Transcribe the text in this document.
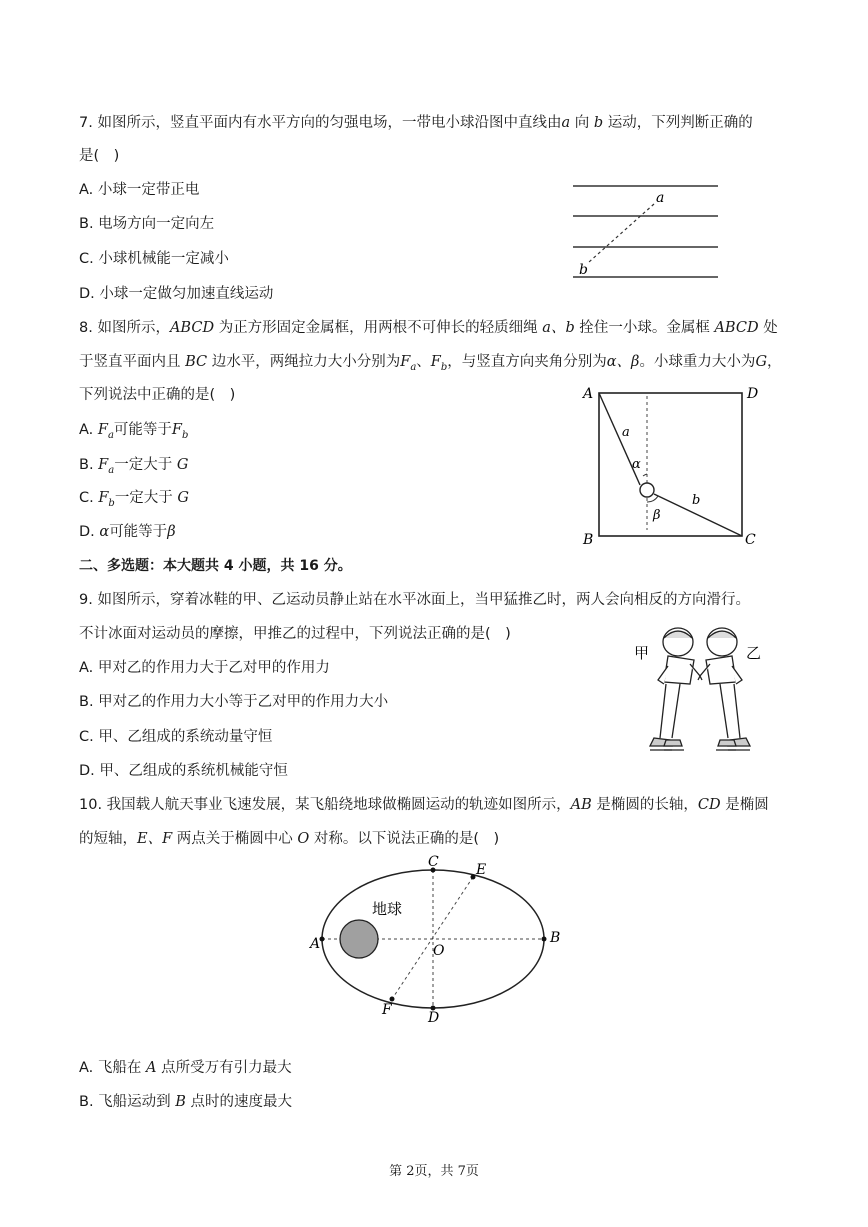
7. 如图所示，竖直平面内有水平方向的匀强电场，一带电小球沿图中直线由a 向 b 运动，下列判断正确的
是(　)
A. 小球一定带正电
B. 电场方向一定向左
C. 小球机械能一定减小
D. 小球一定做匀加速直线运动
a
b
8. 如图所示，ABCD 为正方形固定金属框，用两根不可伸长的轻质细绳 a、b 拴住一小球。金属框 ABCD 处
于竖直平面内且 BC 边水平，两绳拉力大小分别为$F_a$、$F_b$，与竖直方向夹角分别为α、β。小球重力大小为G，
下列说法中正确的是(　)
A. $F_a$可能等于$F_b$
B. $F_a$一定大于 G
C. $F_b$一定大于 G
D. α可能等于β
A	D
B	C
a
b
α
β
二、多选题：本大题共 4 小题，共 16 分。
9. 如图所示，穿着冰鞋的甲、乙运动员静止站在水平冰面上，当甲猛推乙时，两人会向相反的方向滑行。
不计冰面对运动员的摩擦，甲推乙的过程中，下列说法正确的是(　)
A. 甲对乙的作用力大于乙对甲的作用力
B. 甲对乙的作用力大小等于乙对甲的作用力大小
C. 甲、乙组成的系统动量守恒
D. 甲、乙组成的系统机械能守恒
甲	乙
10. 我国载人航天事业飞速发展，某飞船绕地球做椭圆运动的轨迹如图所示，AB 是椭圆的长轴，CD 是椭圆
的短轴，E、F 两点关于椭圆中心 O 对称。以下说法正确的是(　)
地球
A	B
C
D
E
F
O
A. 飞船在 A 点所受万有引力最大
B. 飞船运动到 B 点时的速度最大
第 2页，共 7页
